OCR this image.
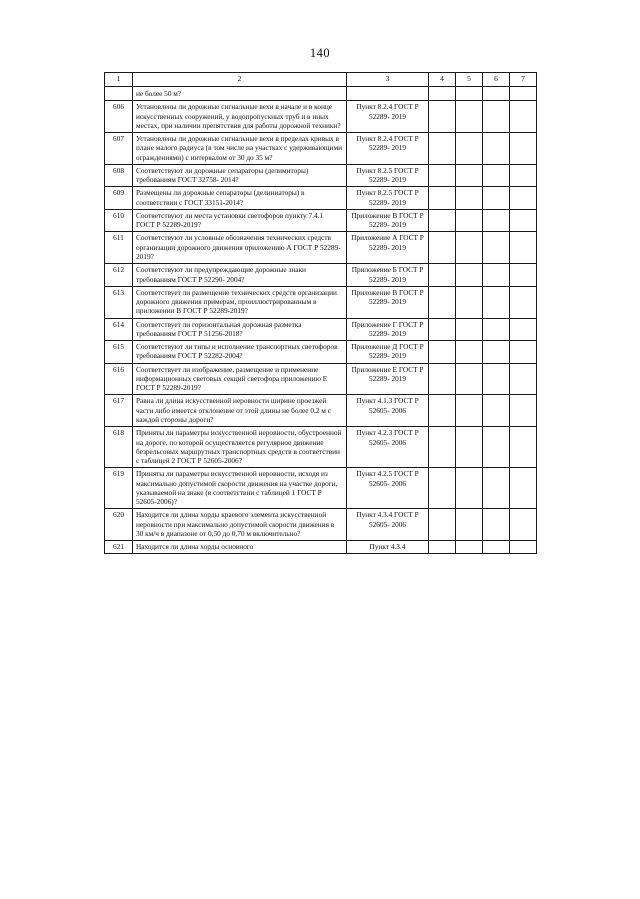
140
1	2	3	4	5	6	7
	не более 50 м?					
606	Установлены ли дорожные сигнальные вехи в начале и в конце искусственных сооружений, у водопропускных труб и в иных местах, при наличии препятствия для работы дорожной техники?	Пункт 8.2.4 ГОСТ Р 52289- 2019				
607	Установлены ли дорожные сигнальные вехи в пределах кривых в плане малого радиуса (в том числе на участках с удерживающими ограждениями) с интервалом от 30 до 35 м?	Пункт 8.2.4 ГОСТ Р 52289- 2019				
608	Соответствуют ли дорожные сепараторы (делимиторы) требованиям ГОСТ 32758- 2014?	Пункт 8.2.5 ГОСТ Р 52289- 2019				
609	Размещены ли дорожные сепараторы (делиниаторы) в соответствии с ГОСТ 33151-2014?	Пункт 8.2.5 ГОСТ Р 52289- 2019				
610	Соответствуют ли места установки светофоров пункту 7.4.1 ГОСТ Р 52289-2019?	Приложение В ГОСТ Р 52289- 2019				
611	Соответствуют ли условные обозначения технических средств организации дорожного движения приложению А ГОСТ Р 52289- 2019?	Приложение А ГОСТ Р 52289- 2019				
612	Соответствуют ли предупреждающие дорожные знаки требованиям ГОСТ Р 52290- 2004?	Приложение Б ГОСТ Р 52289- 2019				
613	Соответствует ли размещение технических средств организации дорожного движения примерам, проиллюстрированным в приложении В ГОСТ Р 52289-2019?	Приложение В ГОСТ Р 52289- 2019				
614	Соответствует ли горизонтальная дорожная разметка требованиям ГОСТ Р 51256-2018?	Приложение Г ГОСТ Р 52289- 2019				
615	Соответствуют ли типы и исполнение транспортных светофоров требованиям ГОСТ Р 52282-2004?	Приложение Д ГОСТ Р 52289- 2019				
616	Соответствует ли изображение, размещение и применение информационных световых секций светофора приложению Е ГОСТ Р 52289-2019?	Приложение Е ГОСТ Р 52289- 2019				
617	Равна ли длина искусственной неровности ширине проезжей части либо имеется отклонение от этой длины не более 0,2 м с каждой стороны дороги?	Пункт 4.1.3 ГОСТ Р 52605- 2006				
618	Приняты ли параметры искусственной неровности, обустроенной на дороге, по которой осуществляется регулярное движение безрельсовых маршрутных транспортных средств в соответствии с таблицей 2 ГОСТ Р 52605-2006?	Пункт 4.2.3 ГОСТ Р 52605- 2006				
619	Приняты ли параметры искусственной неровности, исходя из максимально допустимой скорости движения на участке дороги, указываемой на знаке (в соответствии с таблицей 1 ГОСТ Р 52605-2006)?	Пункт 4.2.5 ГОСТ Р 52605- 2006				
620	Находится ли длина хорды краевого элемента искусственной неровности при максимально допустимой скорости движения в 30 км/ч в диапазоне от 0,50 до 0,70 м включительно?	Пункт 4.3.4 ГОСТ Р 52605- 2006				
621	Находится ли длина хорды основного	Пункт 4.3.4				
